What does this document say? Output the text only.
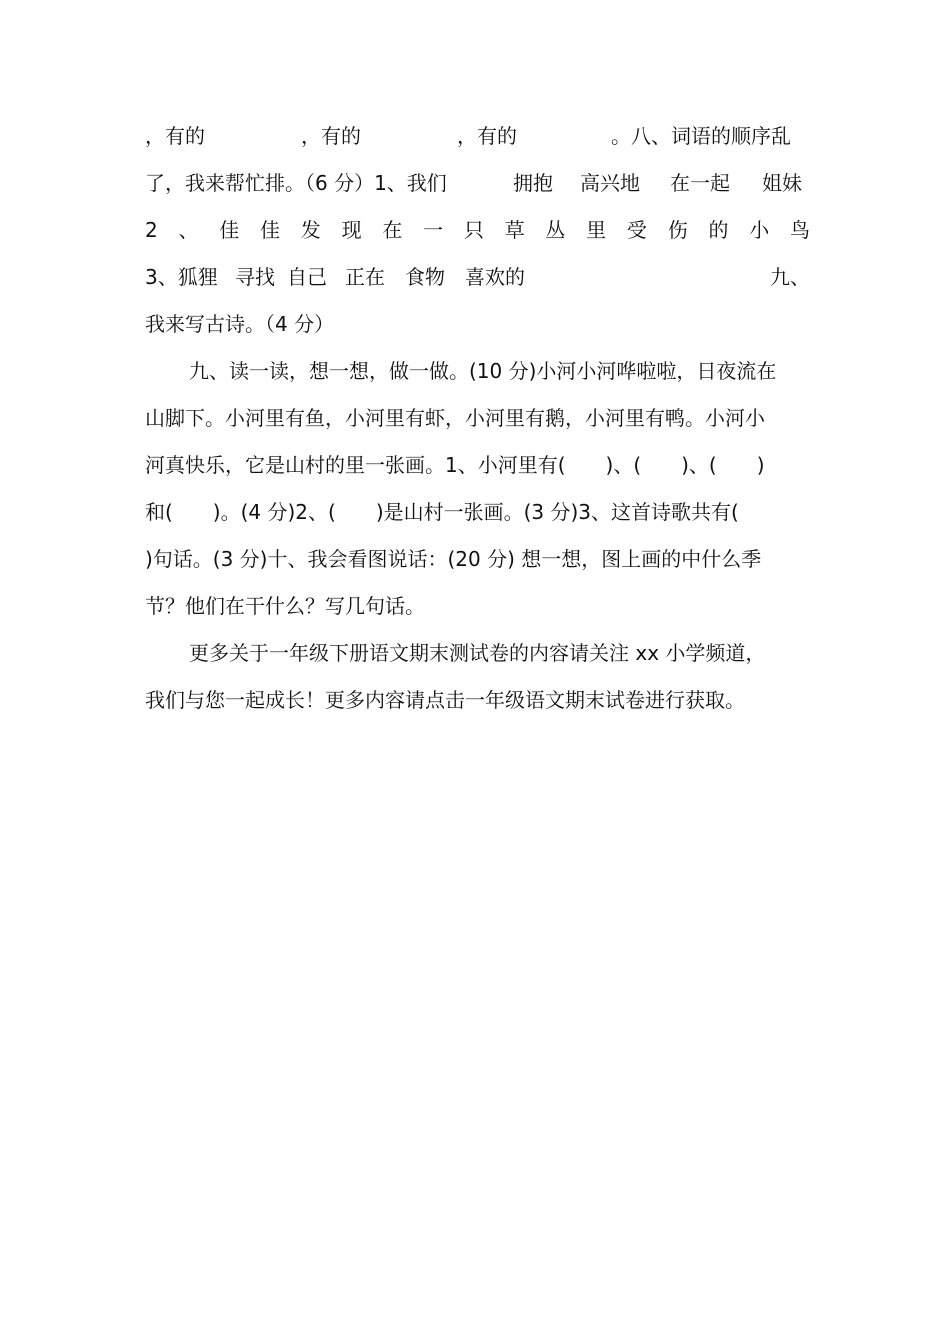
，有的	，有的	，有的	。八、词语的顺序乱
了，我来帮忙排。（6 分）1、我们	拥抱 高兴地 在一起 姐妹
2 、 佳 佳 发 现 在 一 只 草 丛 里 受 伤 的 小 鸟
3、狐狸 寻找 自己 正在 食物 喜欢的	九、
我来写古诗。（4 分）
九、读一读，想一想，做一做。(10 分)小河小河哗啦啦，日夜流在
山脚下。小河里有鱼，小河里有虾，小河里有鹅，小河里有鸭。小河小
河真快乐，它是山村的里一张画。1、小河里有(　　)、(　　)、(　　)
和(　　)。(4 分)2、(　　)是山村一张画。(3 分)3、这首诗歌共有(
)句话。(3 分)十、我会看图说话：(20 分) 想一想，图上画的中什么季
节？他们在干什么？写几句话。
更多关于一年级下册语文期末测试卷的内容请关注 xx 小学频道，
我们与您一起成长！更多内容请点击一年级语文期末试卷进行获取。
